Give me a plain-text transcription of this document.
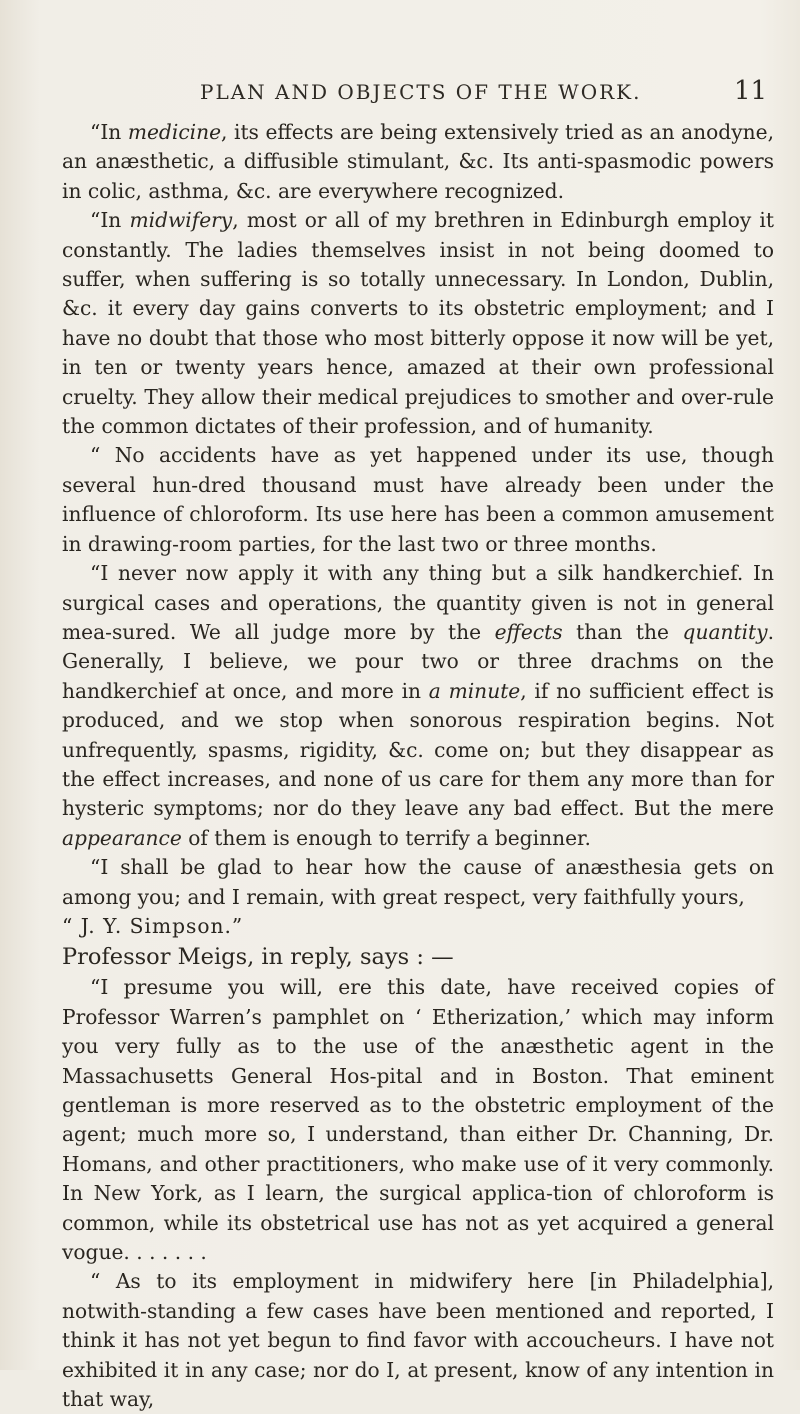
PLAN AND OBJECTS OF THE WORK.	11

“In medicine, its effects are being extensively tried as an anodyne, an anæsthetic, a diffusible stimulant, &c. Its anti-spasmodic powers in colic, asthma, &c. are everywhere recognized.

“In midwifery, most or all of my brethren in Edinburgh employ it constantly. The ladies themselves insist in not being doomed to suffer, when suffering is so totally unnecessary. In London, Dublin, &c. it every day gains converts to its obstetric employment; and I have no doubt that those who most bitterly oppose it now will be yet, in ten or twenty years hence, amazed at their own professional cruelty. They allow their medical prejudices to smother and over-rule the common dictates of their profession, and of humanity.

“ No accidents have as yet happened under its use, though several hun-dred thousand must have already been under the influence of chloroform. Its use here has been a common amusement in drawing-room parties, for the last two or three months.

“I never now apply it with any thing but a silk handkerchief. In surgical cases and operations, the quantity given is not in general mea-sured. We all judge more by the effects than the quantity. Generally, I believe, we pour two or three drachms on the handkerchief at once, and more in a minute, if no sufficient effect is produced, and we stop when sonorous respiration begins. Not unfrequently, spasms, rigidity, &c. come on; but they disappear as the effect increases, and none of us care for them any more than for hysteric symptoms; nor do they leave any bad effect. But the mere appearance of them is enough to terrify a beginner.

“I shall be glad to hear how the cause of anæsthesia gets on among you; and I remain, with great respect, very faithfully yours,

“ J. Y. Simpson.”

Professor Meigs, in reply, says : —

“I presume you will, ere this date, have received copies of Professor Warren’s pamphlet on ‘ Etherization,’ which may inform you very fully as to the use of the anæsthetic agent in the Massachusetts General Hos-pital and in Boston. That eminent gentleman is more reserved as to the obstetric employment of the agent; much more so, I understand, than either Dr. Channing, Dr. Homans, and other practitioners, who make use of it very commonly. In New York, as I learn, the surgical applica-tion of chloroform is common, while its obstetrical use has not as yet acquired a general vogue. . . . . . .

“ As to its employment in midwifery here [in Philadelphia], notwith-standing a few cases have been mentioned and reported, I think it has not yet begun to find favor with accoucheurs. I have not exhibited it in any case; nor do I, at present, know of any intention in that way,
